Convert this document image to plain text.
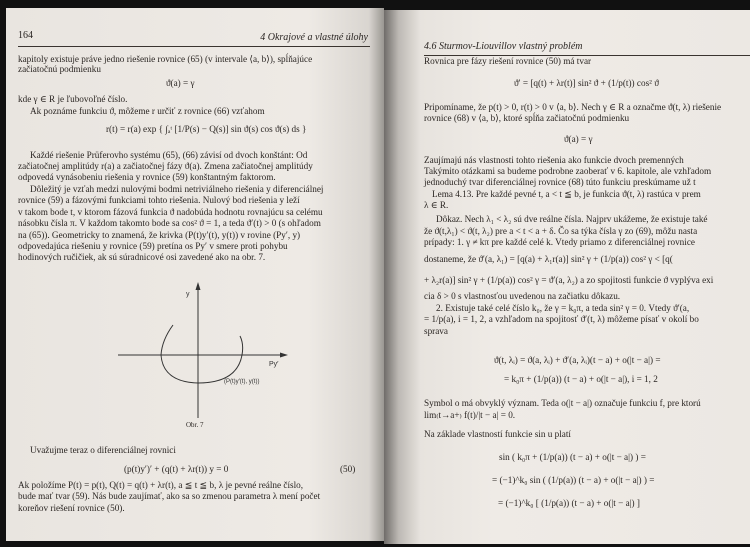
164	4 Okrajové a vlastné úlohy
kapitoly existuje práve jedno riešenie rovnice (65) (v intervale ⟨a, b⟩), spĺňajúce
začiatočnú podmienku
ϑ(a) = γ
kde γ ∈ R je ľubovoľné číslo.
Ak poznáme funkciu ϑ, môžeme r určiť z rovnice (66) vzťahom
r(t) = r(a) exp { ∫ₐᵗ [1/P(s) − Q(s)] sin ϑ(s) cos ϑ(s) ds }
Každé riešenie Prüferovho systému (65), (66) závisí od dvoch konštánt: Od
začiatočnej amplitúdy r(a) a začiatočnej fázy ϑ(a). Zmena začiatočnej amplitúdy
odpovedá vynásobeniu riešenia y rovnice (59) konštantným faktorom.
Dôležitý je vzťah medzi nulovými bodmi netriviálneho riešenia y diferenciálnej
rovnice (59) a fázovými funkciami tohto riešenia. Nulový bod riešenia y leží
v takom bode t, v ktorom fázová funkcia ϑ nadobúda hodnotu rovnajúcu sa celému
násobku čísla π. V každom takomto bode sa cos² ϑ = 1, a teda ϑ′(t) > 0 (s ohľadom
na (65)). Geometricky to znamená, že krivka (P(t)y′(t), y(t)) v rovine (Py′, y)
odpovedajúca riešeniu y rovnice (59) pretína os Py′ v smere proti pohybu
hodinových ručičiek, ak sú súradnicové osi zavedené ako na obr. 7.
Uvažujme teraz o diferenciálnej rovnici
(p(t)y′)′ + (q(t) + λr(t)) y = 0	(50)
Ak položíme P(t) = p(t), Q(t) = q(t) + λr(t), a ≦ t ≦ b, λ je pevné reálne číslo,
bude mať tvar (59). Nás bude zaujímať, ako sa so zmenou parametra λ mení počet
koreňov riešení rovnice (50).
y
Py′
(P(t)y′(t), y(t))
Obr. 7
4.6 Sturmov-Liouvillov vlastný problém
Rovnica pre fázy riešení rovnice (50) má tvar
ϑ′ = [q(t) + λr(t)] sin² ϑ + (1/p(t)) cos² ϑ
Pripomíname, že p(t) > 0, r(t) > 0 v ⟨a, b⟩. Nech γ ∈ R a označme ϑ(t, λ) riešenie
rovnice (68) v ⟨a, b⟩, ktoré spĺňa začiatočnú podmienku
ϑ(a) = γ
Zaujímajú nás vlastnosti tohto riešenia ako funkcie dvoch premenných
Takýmito otázkami sa budeme podrobne zaoberať v 6. kapitole, ale vzhľadom
jednoduchý tvar diferenciálnej rovnice (68) túto funkciu preskúmame už t
Lema 4.13. Pre každé pevné t, a < t ≦ b, je funkcia ϑ(t, λ) rastúca v prem
λ ∈ R.
Dôkaz. Nech λ₁ < λ₂ sú dve reálne čísla. Najprv ukážeme, že existuje také
že ϑ(t,λ₁) < ϑ(t, λ₂) pre a < t < a + δ. Čo sa týka čísla γ zo (69), môžu nasta
prípady: 1. γ ≠ kπ pre každé celé k. Vtedy priamo z diferenciálnej rovnice
dostaneme, že ϑ′(a, λ₁) = [q(a) + λ₁r(a)] sin² γ + (1/p(a)) cos² γ < [q(
+ λ₂r(a)] sin² γ + (1/p(a)) cos² γ = ϑ′(a, λ₂) a zo spojitosti funkcie ϑ vyplýva exi
cia δ > 0 s vlastnosťou uvedenou na začiatku dôkazu.
2. Existuje také celé číslo k₀, že γ = k₀π, a teda sin² γ = 0. Vtedy ϑ′(a,
= 1/p(a), i = 1, 2, a vzhľadom na spojitosť ϑ′(t, λ) môžeme písať v okolí bo
sprava
ϑ(t, λᵢ) = ϑ(a, λᵢ) + ϑ′(a, λᵢ)(t − a) + o(|t − a|) =
= k₀π + (1/p(a)) (t − a) + o(|t − a|), i = 1, 2
Symbol o má obvyklý význam. Teda o(|t − a|) označuje funkciu f, pre ktorú
lim₍t→a+₎ f(t)/|t − a| = 0.
Na základe vlastností funkcie sin u platí
sin ( k₀π + (1/p(a)) (t − a) + o(|t − a|) ) =
= (−1)^k₀ sin ( (1/p(a)) (t − a) + o(|t − a|) ) =
= (−1)^k₀ [ (1/p(a)) (t − a) + o(|t − a|) ]
